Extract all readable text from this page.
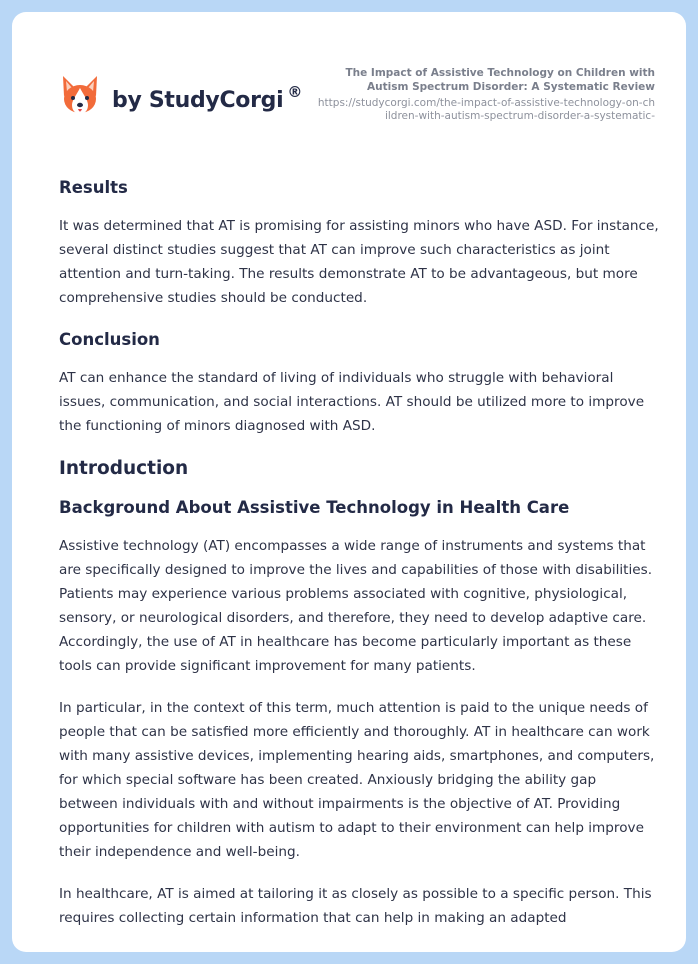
by StudyCorgi ®
The Impact of Assistive Technology on Children with Autism Spectrum Disorder: A Systematic Review
https://studycorgi.com/the-impact-of-assistive-technology-on-children-with-autism-spectrum-disorder-a-systematic-
Results

It was determined that AT is promising for assisting minors who have ASD. For instance, several distinct studies suggest that AT can improve such characteristics as joint attention and turn-taking. The results demonstrate AT to be advantageous, but more comprehensive studies should be conducted.

Conclusion

AT can enhance the standard of living of individuals who struggle with behavioral issues, communication, and social interactions. AT should be utilized more to improve the functioning of minors diagnosed with ASD.

Introduction
Background About Assistive Technology in Health Care

Assistive technology (AT) encompasses a wide range of instruments and systems that are specifically designed to improve the lives and capabilities of those with disabilities. Patients may experience various problems associated with cognitive, physiological, sensory, or neurological disorders, and therefore, they need to develop adaptive care. Accordingly, the use of AT in healthcare has become particularly important as these tools can provide significant improvement for many patients.

In particular, in the context of this term, much attention is paid to the unique needs of people that can be satisfied more efficiently and thoroughly. AT in healthcare can work with many assistive devices, implementing hearing aids, smartphones, and computers, for which special software has been created. Anxiously bridging the ability gap between individuals with and without impairments is the objective of AT. Providing opportunities for children with autism to adapt to their environment can help improve their independence and well-being.

In healthcare, AT is aimed at tailoring it as closely as possible to a specific person. This requires collecting certain information that can help in making an adapted
